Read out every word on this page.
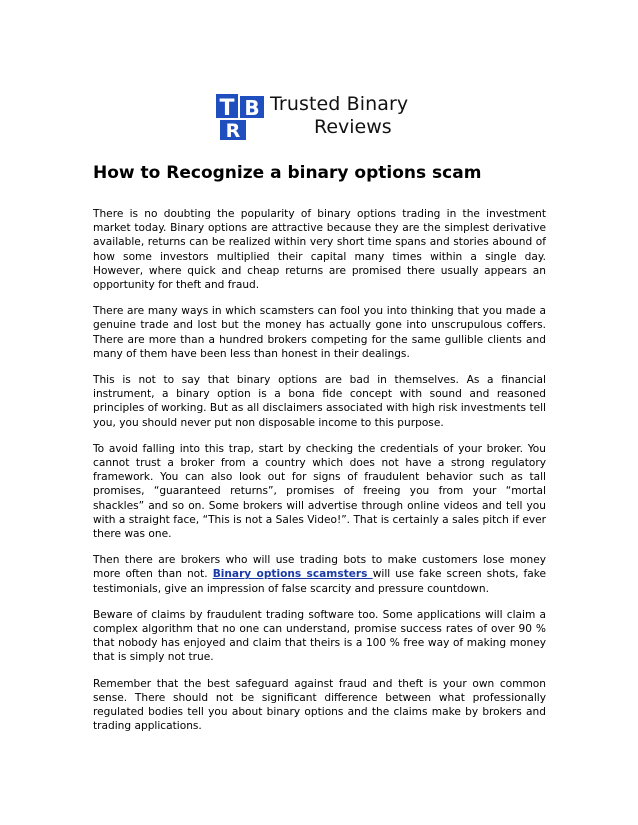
T B
R
Trusted Binary
Reviews
How to Recognize a binary options scam

There is no doubting the popularity of binary options trading in the investment market today. Binary options are attractive because they are the simplest derivative available, returns can be realized within very short time spans and stories abound of how some investors multiplied their capital many times within a single day. However, where quick and cheap returns are promised there usually appears an opportunity for theft and fraud.

There are many ways in which scamsters can fool you into thinking that you made a genuine trade and lost but the money has actually gone into unscrupulous coffers. There are more than a hundred brokers competing for the same gullible clients and many of them have been less than honest in their dealings.

This is not to say that binary options are bad in themselves. As a financial instrument, a binary option is a bona fide concept with sound and reasoned principles of working. But as all disclaimers associated with high risk investments tell you, you should never put non disposable income to this purpose.

To avoid falling into this trap, start by checking the credentials of your broker. You cannot trust a broker from a country which does not have a strong regulatory framework. You can also look out for signs of fraudulent behavior such as tall promises, “guaranteed returns”, promises of freeing you from your “mortal shackles” and so on. Some brokers will advertise through online videos and tell you with a straight face, “This is not a Sales Video!”. That is certainly a sales pitch if ever there was one.

Then there are brokers who will use trading bots to make customers lose money more often than not. Binary options scamsters will use fake screen shots, fake testimonials, give an impression of false scarcity and pressure countdown.

Beware of claims by fraudulent trading software too. Some applications will claim a complex algorithm that no one can understand, promise success rates of over 90 % that nobody has enjoyed and claim that theirs is a 100 % free way of making money that is simply not true.

Remember that the best safeguard against fraud and theft is your own common sense. There should not be significant difference between what professionally regulated bodies tell you about binary options and the claims make by brokers and trading applications.
